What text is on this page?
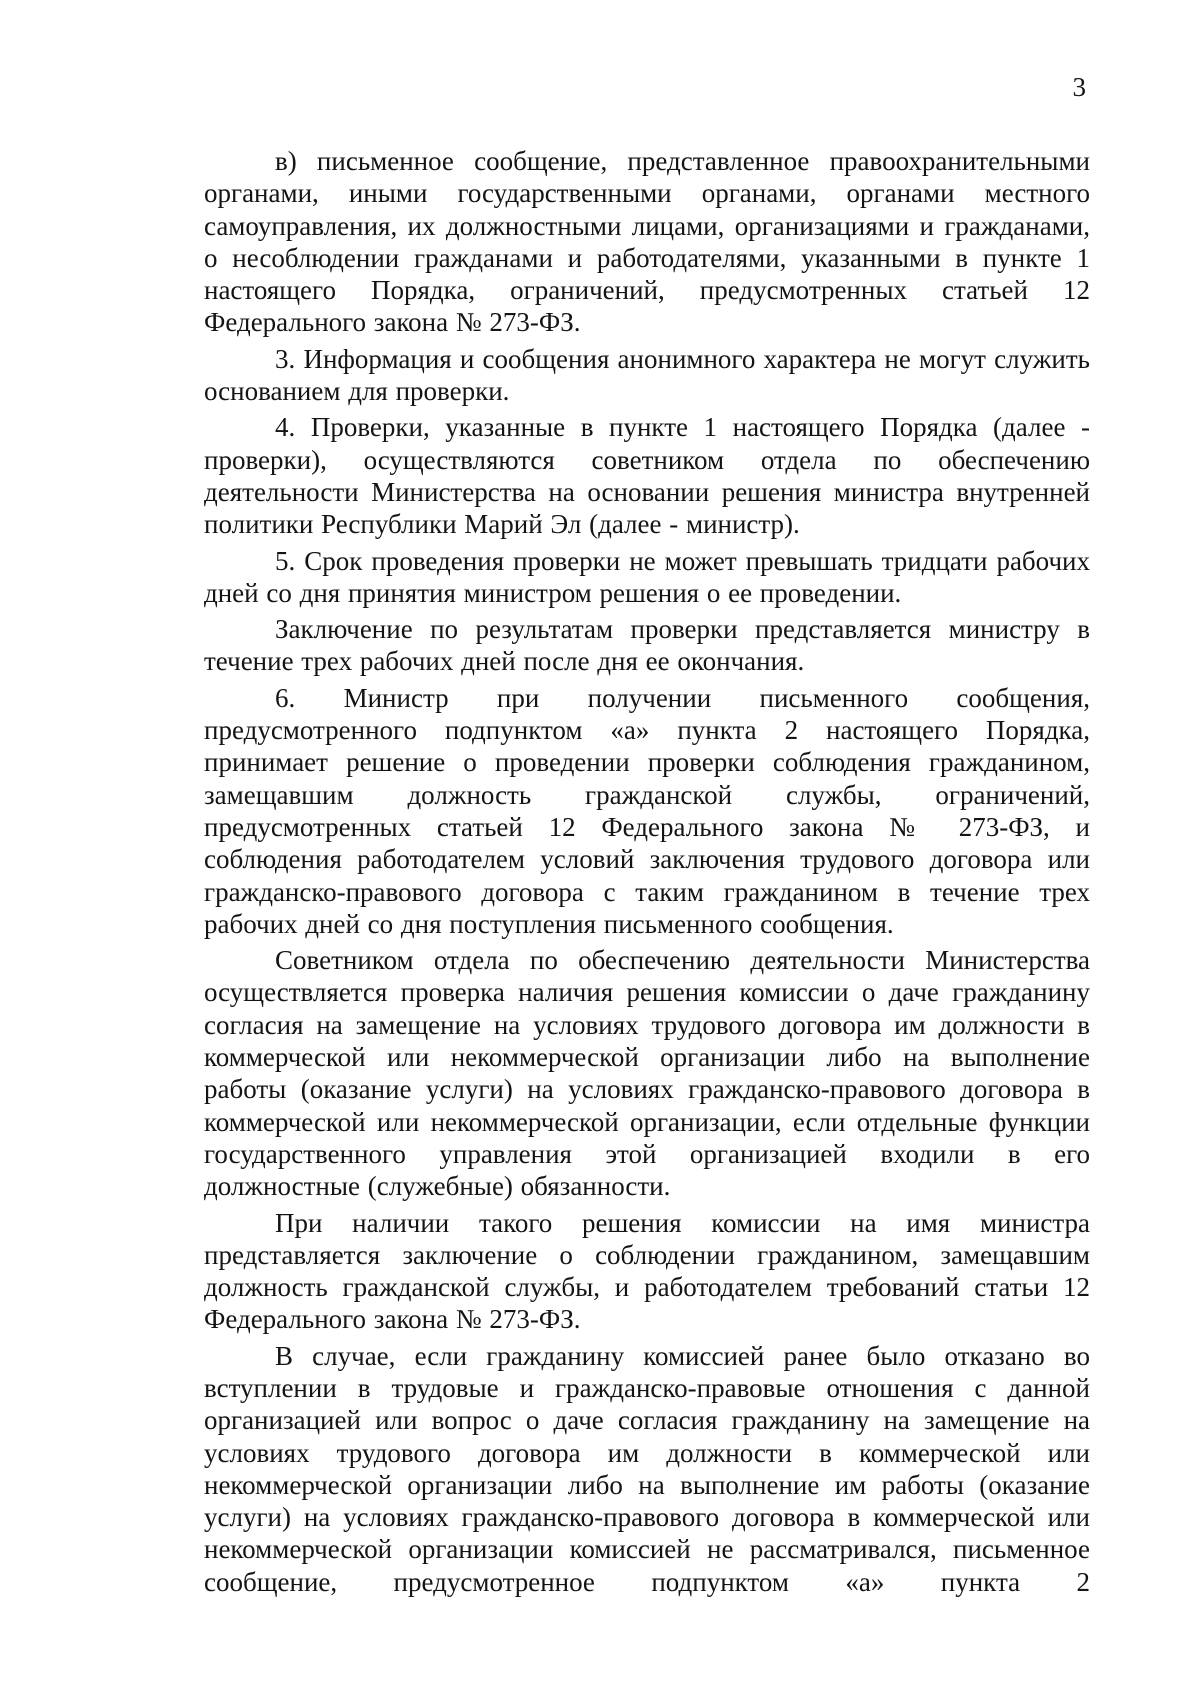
3

в) письменное сообщение, представленное правоохранительными органами, иными государственными органами, органами местного самоуправления, их должностными лицами, организациями и гражданами, о несоблюдении гражданами и работодателями, указанными в пункте 1 настоящего Порядка, ограничений, предусмотренных статьей 12 Федерального закона № 273-ФЗ.

3. Информация и сообщения анонимного характера не могут служить основанием для проверки.

4. Проверки, указанные в пункте 1 настоящего Порядка (далее - проверки), осуществляются советником отдела по обеспечению деятельности Министерства на основании решения министра внутренней политики Республики Марий Эл (далее - министр).

5. Срок проведения проверки не может превышать тридцати рабочих дней со дня принятия министром решения о ее проведении.

Заключение по результатам проверки представляется министру в течение трех рабочих дней после дня ее окончания.

6. Министр при получении письменного сообщения, предусмотренного подпунктом «а» пункта 2 настоящего Порядка, принимает решение о проведении проверки соблюдения гражданином, замещавшим должность гражданской службы, ограничений, предусмотренных статьей 12 Федерального закона № 273-ФЗ, и соблюдения работодателем условий заключения трудового договора или гражданско-правового договора с таким гражданином в течение трех рабочих дней со дня поступления письменного сообщения.

Советником отдела по обеспечению деятельности Министерства осуществляется проверка наличия решения комиссии о даче гражданину согласия на замещение на условиях трудового договора им должности в коммерческой или некоммерческой организации либо на выполнение работы (оказание услуги) на условиях гражданско-правового договора в коммерческой или некоммерческой организации, если отдельные функции государственного управления этой организацией входили в его должностные (служебные) обязанности.

При наличии такого решения комиссии на имя министра представляется заключение о соблюдении гражданином, замещавшим должность гражданской службы, и работодателем требований статьи 12 Федерального закона № 273-ФЗ.

В случае, если гражданину комиссией ранее было отказано во вступлении в трудовые и гражданско-правовые отношения с данной организацией или вопрос о даче согласия гражданину на замещение на условиях трудового договора им должности в коммерческой или некоммерческой организации либо на выполнение им работы (оказание услуги) на условиях гражданско-правового договора в коммерческой или некоммерческой организации комиссией не рассматривался, письменное сообщение, предусмотренное подпунктом «а» пункта 2
